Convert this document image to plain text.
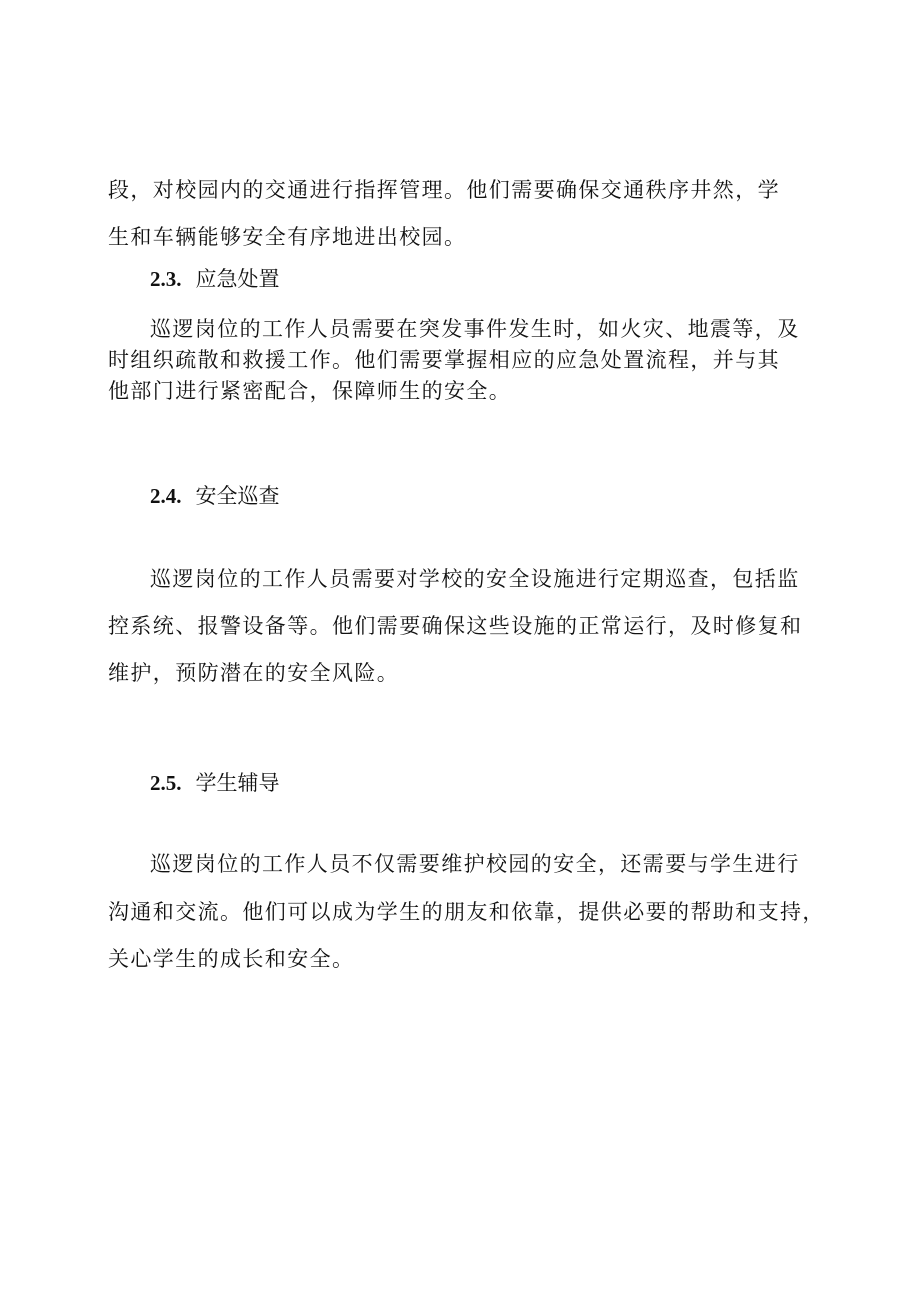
段，对校园内的交通进行指挥管理。他们需要确保交通秩序井然，学
生和车辆能够安全有序地进出校园。
2.3. 应急处置
巡逻岗位的工作人员需要在突发事件发生时，如火灾、地震等，及
时组织疏散和救援工作。他们需要掌握相应的应急处置流程，并与其
他部门进行紧密配合，保障师生的安全。
2.4. 安全巡查
巡逻岗位的工作人员需要对学校的安全设施进行定期巡查，包括监
控系统、报警设备等。他们需要确保这些设施的正常运行，及时修复和
维护，预防潜在的安全风险。
2.5. 学生辅导
巡逻岗位的工作人员不仅需要维护校园的安全，还需要与学生进行
沟通和交流。他们可以成为学生的朋友和依靠，提供必要的帮助和支持，
关心学生的成长和安全。
